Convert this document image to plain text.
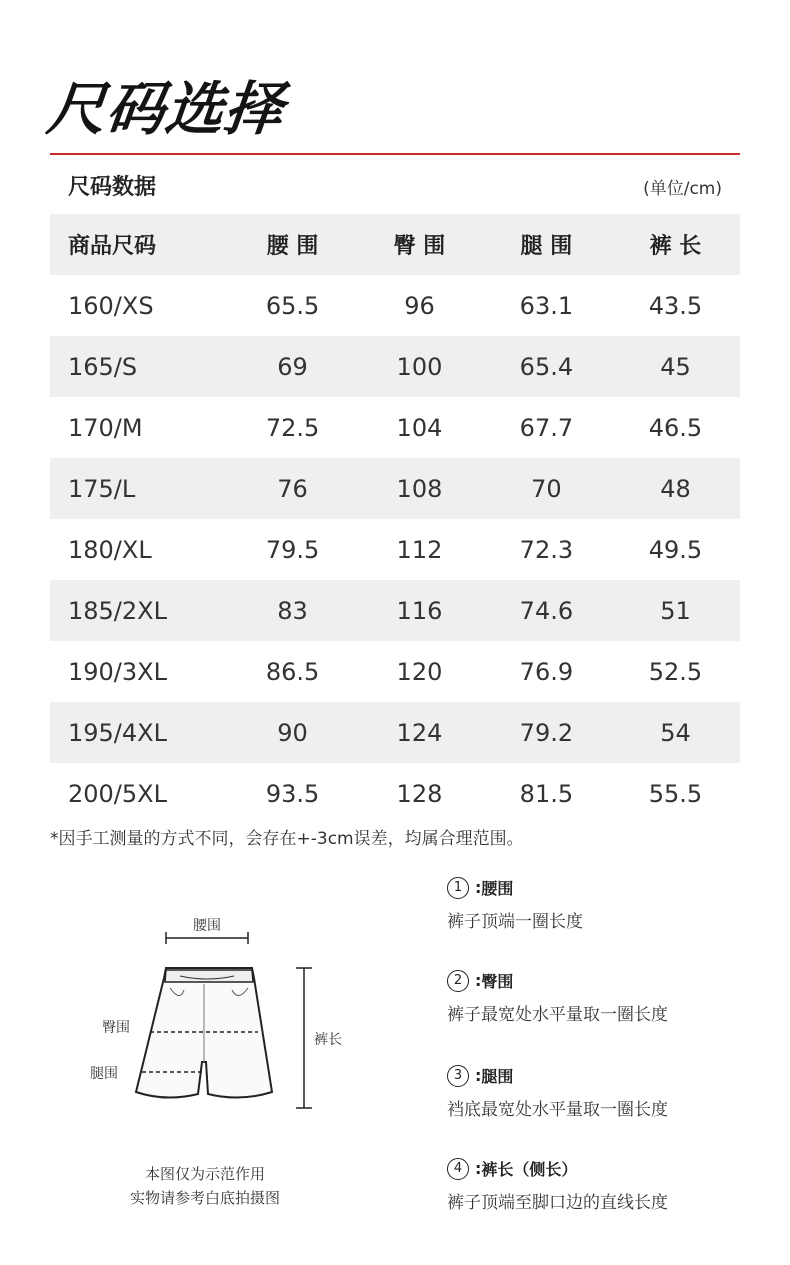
尺码选择
尺码数据	(单位/cm)
商品尺码	腰 围	臀 围	腿 围	裤 长
160/XS	65.5	96	63.1	43.5
165/S	69	100	65.4	45
170/M	72.5	104	67.7	46.5
175/L	76	108	70	48
180/XL	79.5	112	72.3	49.5
185/2XL	83	116	74.6	51
190/3XL	86.5	120	76.9	52.5
195/4XL	90	124	79.2	54
200/5XL	93.5	128	81.5	55.5
*因手工测量的方式不同，会存在+-3cm误差，均属合理范围。
腰围
臀围
腿围
裤长
本图仅为示范作用
实物请参考白底拍摄图
1 : 腰围
裤子顶端一圈长度
2 : 臀围
裤子最宽处水平量取一圈长度
3 : 腿围
裆底最宽处水平量取一圈长度
4 : 裤长（侧长）
裤子顶端至脚口边的直线长度
